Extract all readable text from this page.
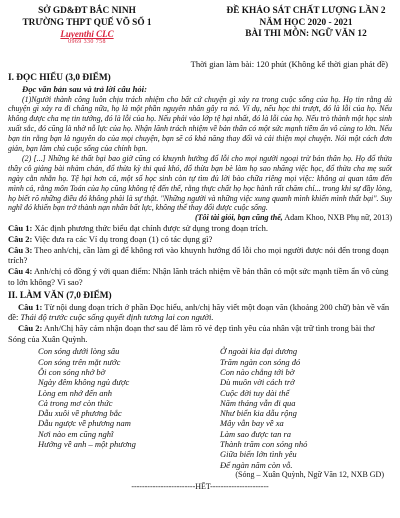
SỞ GD&ĐT BẮC NINH
TRƯỜNG THPT QUẾ VÕ SỐ 1
Luyenthi CLC
0969 330 758
ĐỀ KHẢO SÁT CHẤT LƯỢNG LẦN 2
NĂM HỌC 2020 - 2021
BÀI THI MÔN: NGỮ VĂN 12
Thời gian làm bài: 120 phút (Không kể thời gian phát đề)
I. ĐỌC HIỂU (3,0 ĐIỂM)
Đọc văn bản sau và trả lời câu hỏi:
(1)Người thành công luôn chịu trách nhiệm cho bất cứ chuyện gì xảy ra trong cuộc sống của họ. Họ tin rằng dù chuyện gì xảy ra đi chăng nữa, họ là một phần nguyên nhân gây ra nó. Ví dụ, nếu học thi trượt, đó là lỗi của họ. Nếu không được cha mẹ tin tưởng, đó là lỗi của họ. Nếu phải vào lớp tệ hại nhất, đó là lỗi của họ. Nếu trò thành một học sinh xuất sắc, đó cũng là nhờ nỗ lực của họ. Nhận lãnh trách nhiệm về bản thân có một sức mạnh tiềm ẩn vô cùng to lớn. Nếu bạn tin rằng bạn là nguyên do của mọi chuyện, bạn sẽ có khả năng thay đổi và cải thiện mọi chuyện. Nói một cách đơn giản, bạn làm chủ cuộc sống của chính bạn.
(2) [...] Những kẻ thất bại bao giờ cũng có khuynh hướng đổ lỗi cho mọi người ngoại trừ bản thân họ. Họ đổ thừa thầy cô giảng bài nhàm chán, đổ thừa kỳ thi quá khó, đổ thừa bạn bè làm họ sao nhãng việc học, đổ thừa cha mẹ suốt ngày cằn nhằn họ. Tệ hại hơn cả, một số học sinh còn tự tìm đủ lời bào chữa riêng mọi việc: không ai quan tâm đến mình cả, rằng môn Toán của họ cũng không tệ đến thế, rằng thực chất họ học hành rất chăm chỉ... trong khi sự đầy lòng, họ biết rõ những điều đó không phải là sự thật. "Những người và những việc xung quanh mình khiến mình thất bại". Suy nghĩ đó khiến bạn trở thành nạn nhân bất lực, không thể thay đổi được cuộc sống.
(Tôi tài giỏi, bạn cũng thế, Adam Khoo, NXB Phụ nữ, 2013)
Câu 1: Xác định phương thức biểu đạt chính được sử dụng trong đoạn trích.
Câu 2: Việc đưa ra các Ví dụ trong đoạn (1) có tác dụng gì?
Câu 3: Theo anh/chị, cần làm gì để không rơi vào khuynh hướng đổ lỗi cho mọi người được nói đến trong đoạn trích?
Câu 4: Anh/chị có đồng ý với quan điểm: Nhận lãnh trách nhiệm về bản thân có một sức mạnh tiềm ẩn vô cùng to lớn không? Vì sao?
II. LÀM VĂN (7,0 ĐIỂM)
Câu 1: Từ nội dung đoạn trích ở phần Đọc hiểu, anh/chị hãy viết một đoạn văn (khoảng 200 chữ) bàn về vấn đề: Thái độ trước cuộc sống quyết định tương lai con người.
Câu 2: Anh/Chị hãy cảm nhận đoạn thơ sau để làm rõ vẻ đẹp tình yêu của nhân vật trữ tình trong bài thơ Sóng của Xuân Quỳnh.
Con sóng dưới lòng sâu
Con sóng trên mặt nước
Ôi con sóng nhớ bờ
Ngày đêm không ngủ được
Lòng em nhớ đến anh
Cả trong mơ còn thức
Dẫu xuôi về phương bắc
Dẫu ngược về phương nam
Nơi nào em cũng nghĩ
Hướng về anh – một phương
Ở ngoài kia đại dương
Trăm ngàn con sóng đó
Con nào chẳng tới bờ
Dù muôn vời cách trở
Cuộc đời tuy dài thế
Năm tháng vẫn đi qua
Như biển kia dẫu rộng
Mây vẫn bay về xa
Làm sao được tan ra
Thành trăm con sóng nhỏ
Giữa biển lớn tình yêu
Để ngàn năm còn vỗ.
(Sóng – Xuân Quỳnh, Ngữ Văn 12, NXB GD)
------------------------HẾT----------------------
